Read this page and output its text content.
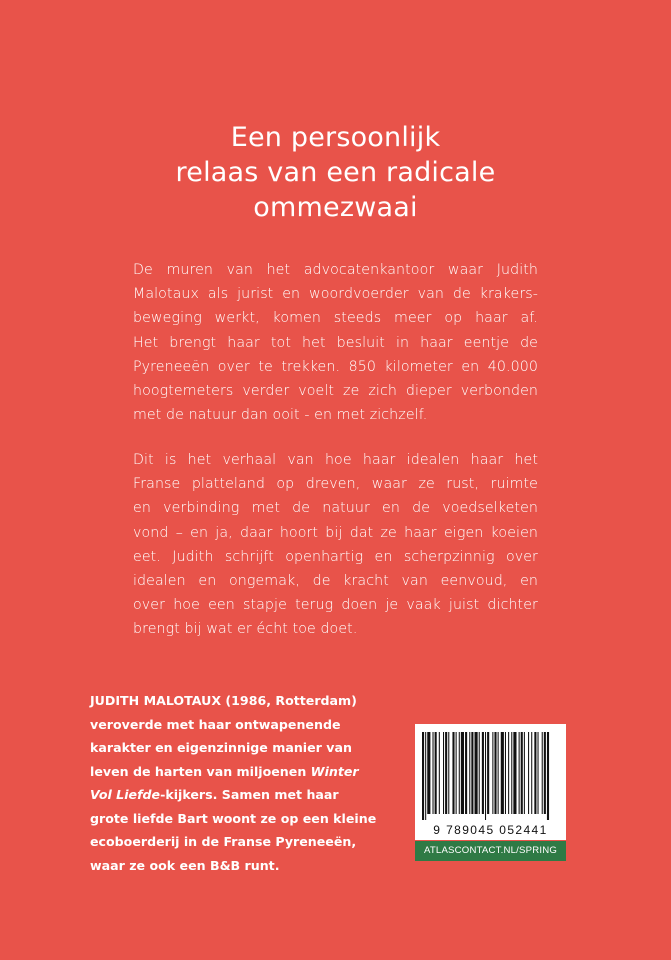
Een persoonlijk
relaas van een radicale
ommezwaai
De muren van het advocatenkantoor waar Judith
Malotaux als jurist en woordvoerder van de krakers-
beweging werkt, komen steeds meer op haar af.
Het brengt haar tot het besluit in haar eentje de
Pyreneeën over te trekken. 850 kilometer en 40.000
hoogtemeters verder voelt ze zich dieper verbonden
met de natuur dan ooit - en met zichzelf.
Dit is het verhaal van hoe haar idealen haar het
Franse platteland op dreven, waar ze rust, ruimte
en verbinding met de natuur en de voedselketen
vond – en ja, daar hoort bij dat ze haar eigen koeien
eet. Judith schrijft openhartig en scherpzinnig over
idealen en ongemak, de kracht van eenvoud, en
over hoe een stapje terug doen je vaak juist dichter
brengt bij wat er écht toe doet.
JUDITH MALOTAUX (1986, Rotterdam)
veroverde met haar ontwapenende
karakter en eigenzinnige manier van
leven de harten van miljoenen Winter
Vol Liefde-kijkers. Samen met haar
grote liefde Bart woont ze op een kleine
ecoboerderij in de Franse Pyreneeën,
waar ze ook een B&B runt.
9 789045 052441
ATLASCONTACT.NL/SPRING
